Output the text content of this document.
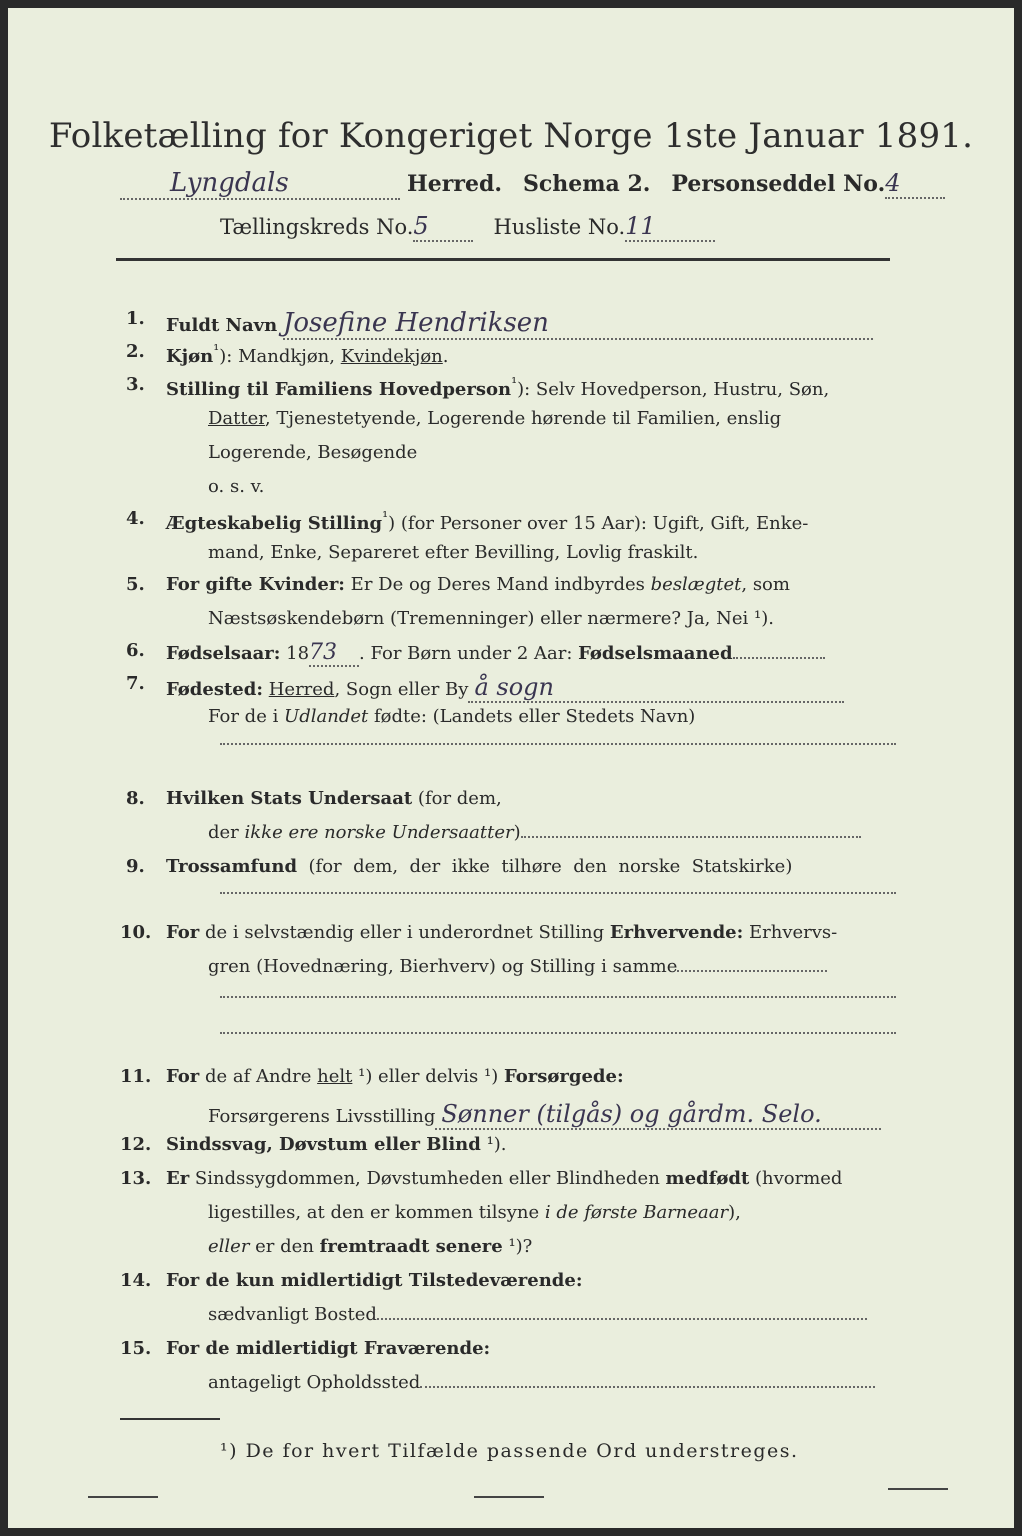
Folketælling for Kongeriget Norge 1ste Januar 1891.
Lyngdals	Herred. Schema 2. Personseddel No.4
Tællingskreds No.5	Husliste No.11
1. Fuldt Navn Josefine Hendriksen
2. Kjøn$^{^1}$): Mandkjøn, Kvindekjøn.
3. Stilling til Familiens Hovedperson$^{^1}$): Selv Hovedperson, Hustru, Søn,
Datter, Tjenestetyende, Logerende hørende til Familien, enslig
Logerende, Besøgende
o. s. v.
4. Ægteskabelig Stilling$^{^1}$) (for Personer over 15 Aar): Ugift, Gift, Enke-
mand, Enke, Separeret efter Bevilling, Lovlig fraskilt.
5. For gifte Kvinder: Er De og Deres Mand indbyrdes beslægtet, som
Næstsøskendebørn (Tremenninger) eller nærmere? Ja, Nei ¹).
6. Fødselsaar: 1873 . For Børn under 2 Aar: Fødselsmaaned
7. Fødested: Herred, Sogn eller By å sogn
For de i Udlandet fødte: (Landets eller Stedets Navn)
8. Hvilken Stats Undersaat (for dem,
der ikke ere norske Undersaatter)
9. Trossamfund  (for  dem,  der  ikke  tilhøre  den  norske  Statskirke)
10. For de i selvstændig eller i underordnet Stilling Erhvervende: Erhvervs-
gren (Hovednæring, Bierhverv) og Stilling i samme
11. For de af Andre helt ¹) eller delvis ¹) Forsørgede:
Forsørgerens Livsstilling Sønner (tilgås) og gårdm. Selo.
12. Sindssvag, Døvstum eller Blind ¹).
13. Er Sindssygdommen, Døvstumheden eller Blindheden medfødt (hvormed
ligestilles, at den er kommen tilsyne i de første Barneaar),
eller er den fremtraadt senere ¹)?
14. For de kun midlertidigt Tilstedeværende:
sædvanligt Bosted
15. For de midlertidigt Fraværende:
antageligt Opholdssted
¹) De for hvert Tilfælde passende Ord understreges.
